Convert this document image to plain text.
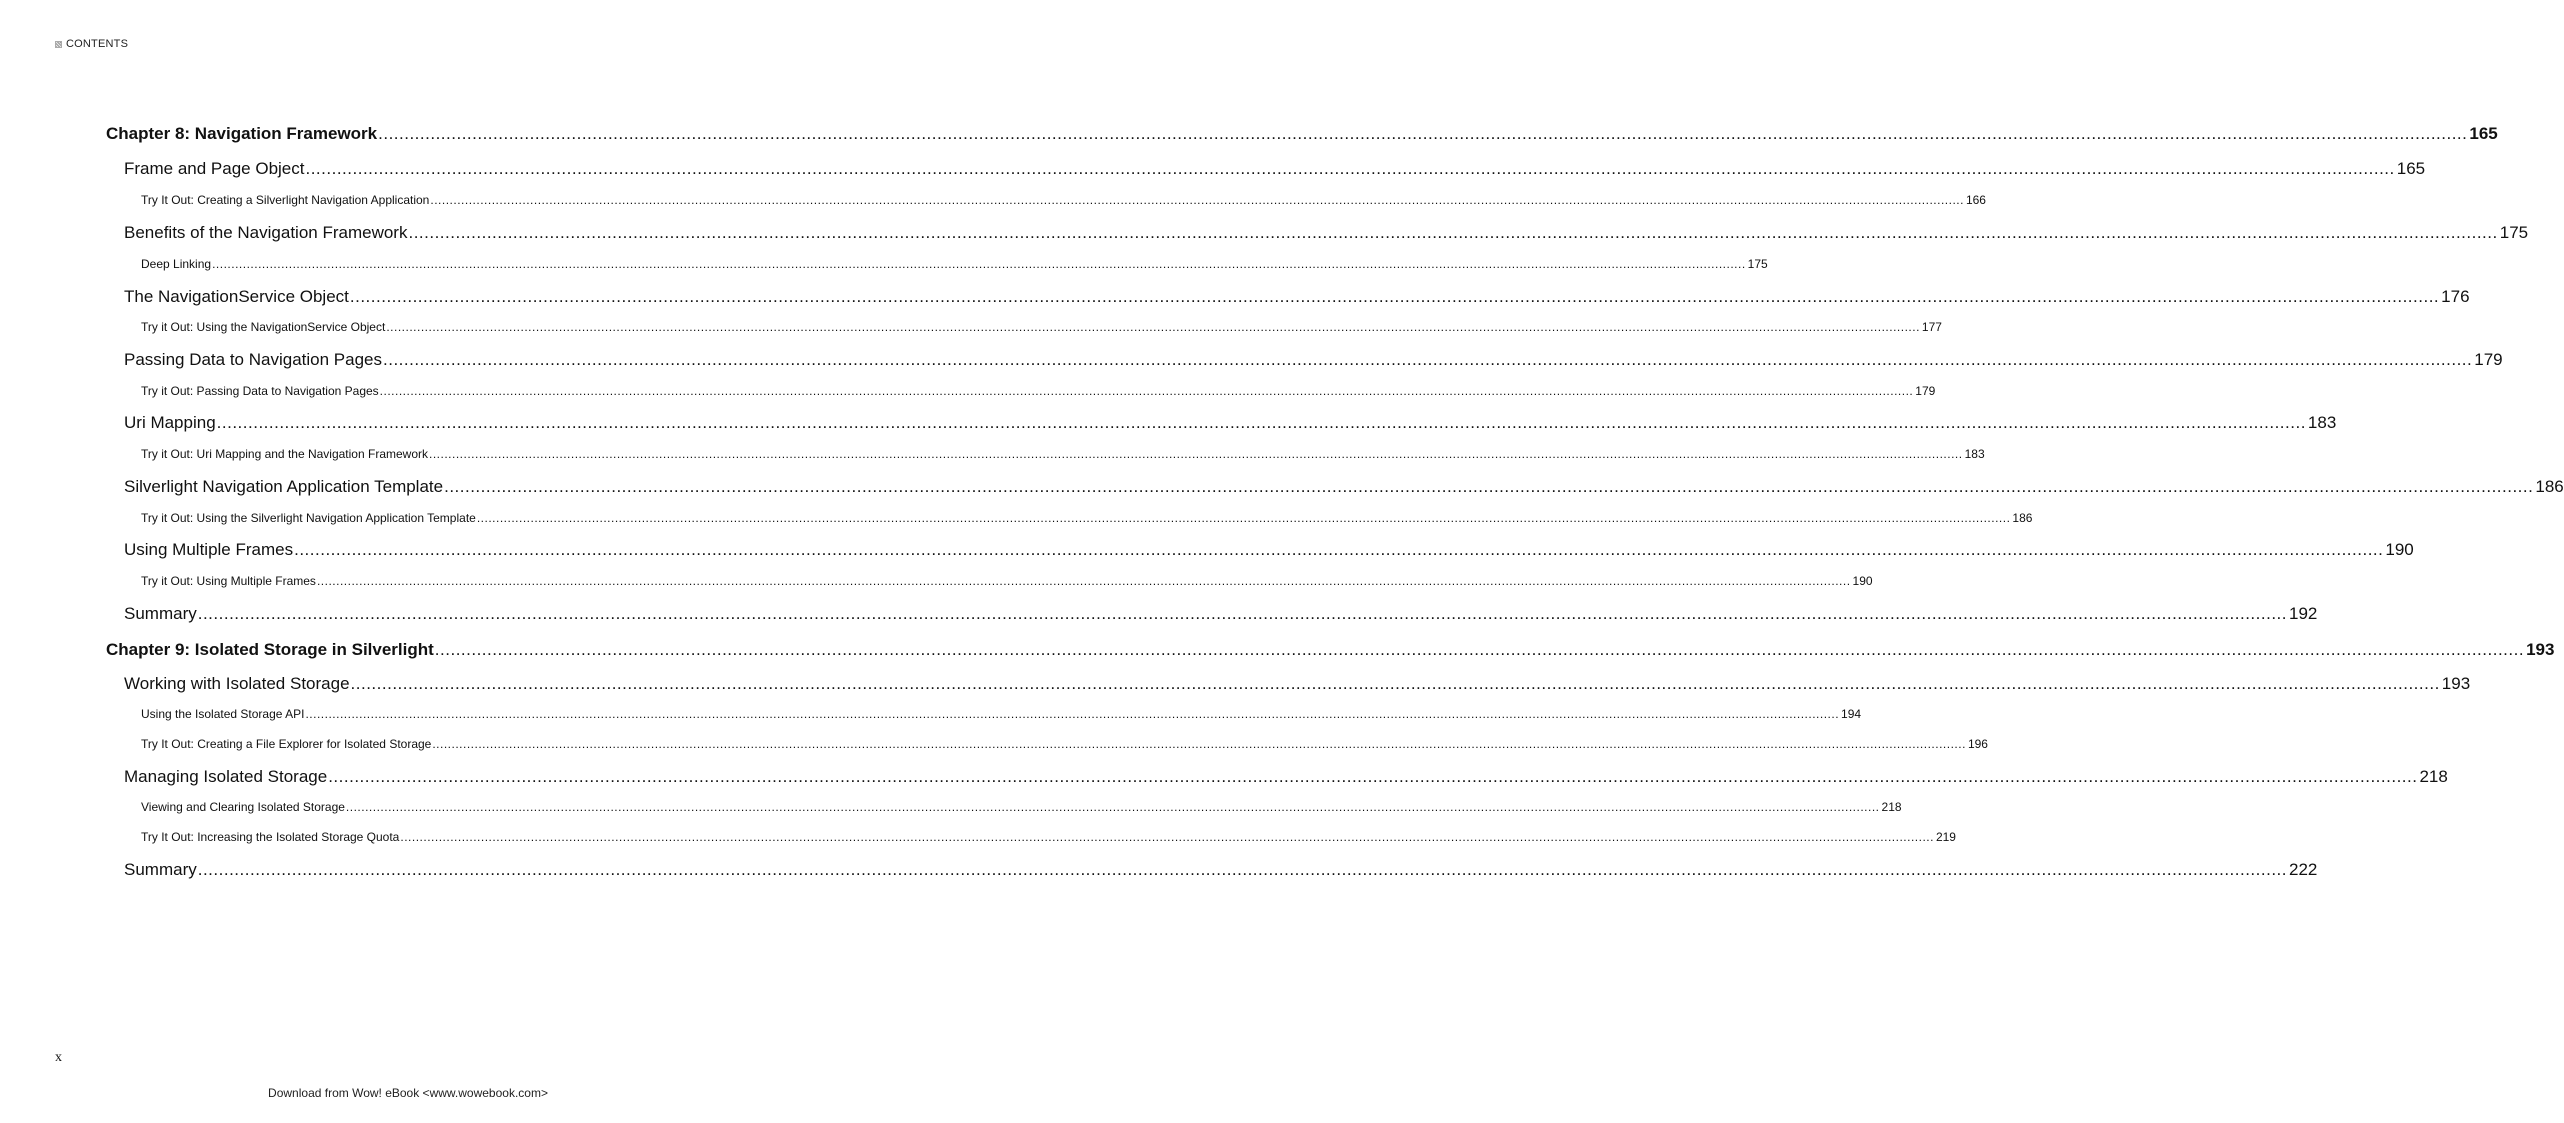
CONTENTS
Chapter 8: Navigation Framework ................................................................................................................................................................................................................................................................................................................................................................................................................ 165
Frame and Page Object ................................................................................................................................................................................................................................................................................................................................................................................................................ 165
Try It Out: Creating a Silverlight Navigation Application ................................................................................................................................................................................................................................................................................................................................................................................................................ 166
Benefits of the Navigation Framework ................................................................................................................................................................................................................................................................................................................................................................................................................ 175
Deep Linking ................................................................................................................................................................................................................................................................................................................................................................................................................ 175
The NavigationService Object ................................................................................................................................................................................................................................................................................................................................................................................................................ 176
Try it Out: Using the NavigationService Object ................................................................................................................................................................................................................................................................................................................................................................................................................ 177
Passing Data to Navigation Pages ................................................................................................................................................................................................................................................................................................................................................................................................................ 179
Try it Out: Passing Data to Navigation Pages ................................................................................................................................................................................................................................................................................................................................................................................................................ 179
Uri Mapping ................................................................................................................................................................................................................................................................................................................................................................................................................ 183
Try it Out: Uri Mapping and the Navigation Framework ................................................................................................................................................................................................................................................................................................................................................................................................................ 183
Silverlight Navigation Application Template ................................................................................................................................................................................................................................................................................................................................................................................................................ 186
Try it Out: Using the Silverlight Navigation Application Template ................................................................................................................................................................................................................................................................................................................................................................................................................ 186
Using Multiple Frames ................................................................................................................................................................................................................................................................................................................................................................................................................ 190
Try it Out: Using Multiple Frames ................................................................................................................................................................................................................................................................................................................................................................................................................ 190
Summary ................................................................................................................................................................................................................................................................................................................................................................................................................ 192
Chapter 9: Isolated Storage in Silverlight ................................................................................................................................................................................................................................................................................................................................................................................................................ 193
Working with Isolated Storage ................................................................................................................................................................................................................................................................................................................................................................................................................ 193
Using the Isolated Storage API ................................................................................................................................................................................................................................................................................................................................................................................................................ 194
Try It Out: Creating a File Explorer for Isolated Storage ................................................................................................................................................................................................................................................................................................................................................................................................................ 196
Managing Isolated Storage ................................................................................................................................................................................................................................................................................................................................................................................................................ 218
Viewing and Clearing Isolated Storage ................................................................................................................................................................................................................................................................................................................................................................................................................ 218
Try It Out: Increasing the Isolated Storage Quota ................................................................................................................................................................................................................................................................................................................................................................................................................ 219
Summary ................................................................................................................................................................................................................................................................................................................................................................................................................ 222
x
Download from Wow! eBook <www.wowebook.com>
